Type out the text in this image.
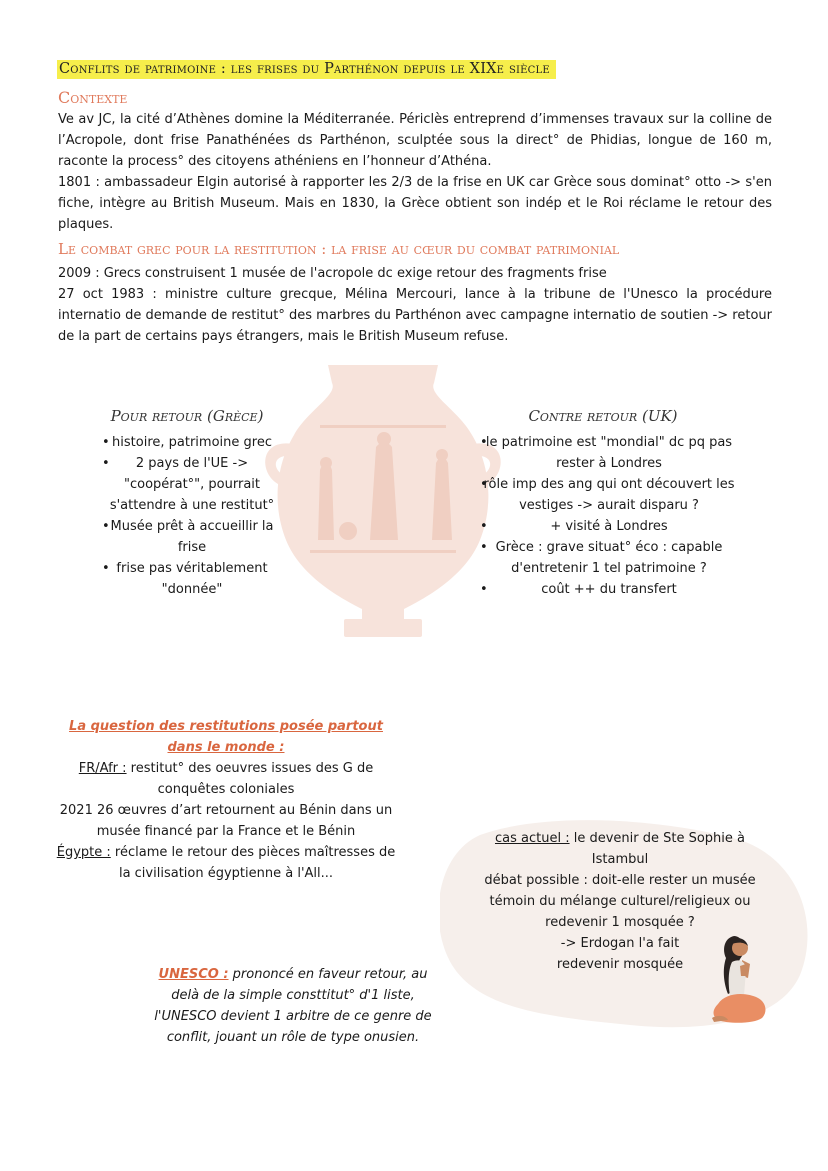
Conflits de patrimoine : les frises du Parthénon depuis le XIXe siècle
Contexte
Ve av JC, la cité d’Athènes domine la Méditerranée. Périclès entreprend d’immenses travaux sur la colline de l’Acropole, dont frise Panathénées ds Parthénon, sculptée sous la direct° de Phidias, longue de 160 m, raconte la process° des citoyens athéniens en l’honneur d’Athéna.
1801 : ambassadeur Elgin autorisé à rapporter les 2/3 de la frise en UK car Grèce sous dominat° otto -> s'en fiche, intègre au British Museum. Mais en 1830, la Grèce obtient son indép et le Roi réclame le retour des plaques.
Le combat grec pour la restitution : la frise au cœur du combat patrimonial
2009 : Grecs construisent 1 musée de l'acropole dc exige retour des fragments frise
27 oct 1983 : ministre culture grecque, Mélina Mercouri, lance à la tribune de l'Unesco la procédure internatio de demande de restitut° des marbres du Parthénon avec campagne internatio de soutien -> retour de la part de certains pays étrangers, mais le British Museum refuse.
Pour retour (Grèce)
• histoire, patrimoine grec
• 2 pays de l'UE -> "coopérat°", pourrait s'attendre à une restitut°
• Musée prêt à accueillir la frise
• frise pas véritablement "donnée"
Contre retour (UK)
• le patrimoine est "mondial" dc pq pas rester à Londres
• rôle imp des ang qui ont découvert les vestiges -> aurait disparu ?
• + visité à Londres
• Grèce : grave situat° éco : capable d'entretenir 1 tel patrimoine ?
• coût ++ du transfert
La question des restitutions posée partout dans le monde :
FR/Afr : restitut° des oeuvres issues des G de conquêtes coloniales
2021 26 œuvres d’art retournent au Bénin dans un musée financé par la France et le Bénin
Égypte : réclame le retour des pièces maîtresses de la civilisation égyptienne à l'All...
cas actuel : le devenir de Ste Sophie à Istambul
débat possible : doit-elle rester un musée témoin du mélange culturel/religieux ou redevenir 1 mosquée ?
-> Erdogan l'a fait
redevenir mosquée
UNESCO : prononcé en faveur retour, au delà de la simple consttitut° d'1 liste, l'UNESCO devient 1 arbitre de ce genre de conflit, jouant un rôle de type onusien.
